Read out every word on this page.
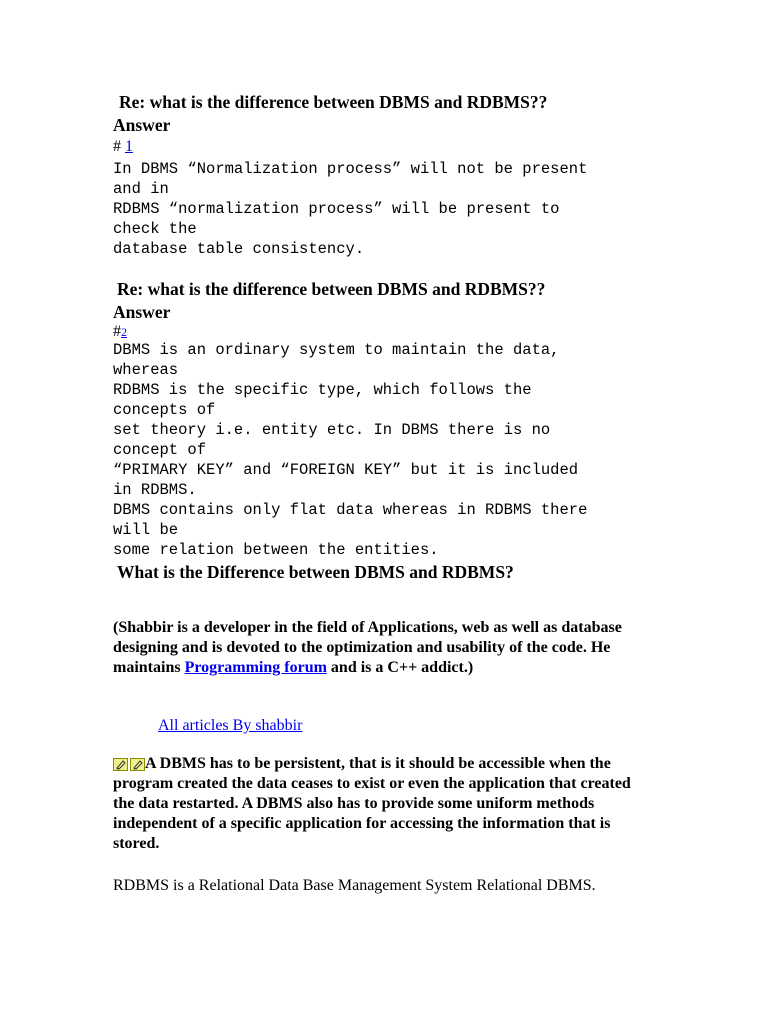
Re: what is the difference between DBMS and RDBMS??
Answer
# 1
In DBMS “Normalization process” will not be present
and in
RDBMS “normalization process” will be present to
check the
database table consistency.
Re: what is the difference between DBMS and RDBMS??
Answer
#2
DBMS is an ordinary system to maintain the data,
whereas
RDBMS is the specific type, which follows the
concepts of
set theory i.e. entity etc. In DBMS there is no
concept of
“PRIMARY KEY” and “FOREIGN KEY” but it is included
in RDBMS.
DBMS contains only flat data whereas in RDBMS there
will be
some relation between the entities.
What is the Difference between DBMS and RDBMS?
(Shabbir is a developer in the field of Applications, web as well as database
designing and is devoted to the optimization and usability of the code. He
maintains Programming forum and is a C++ addict.)
All articles By shabbir
A DBMS has to be persistent, that is it should be accessible when the
program created the data ceases to exist or even the application that created
the data restarted. A DBMS also has to provide some uniform methods
independent of a specific application for accessing the information that is
stored.
RDBMS is a Relational Data Base Management System Relational DBMS.
